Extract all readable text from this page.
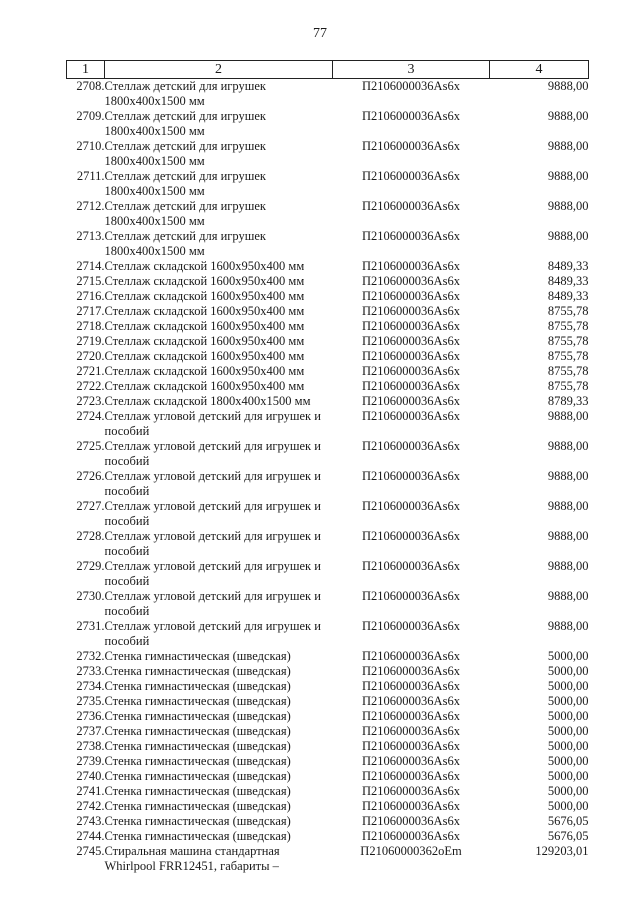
77
1	2	3	4
2708.	Стеллаж детский для игрушек 1800x400x1500 мм	П2106000036Аs6x	9888,00
2709.	Стеллаж детский для игрушек 1800x400x1500 мм	П2106000036Аs6x	9888,00
2710.	Стеллаж детский для игрушек 1800x400x1500 мм	П2106000036Аs6x	9888,00
2711.	Стеллаж детский для игрушек 1800x400x1500 мм	П2106000036Аs6x	9888,00
2712.	Стеллаж детский для игрушек 1800x400x1500 мм	П2106000036Аs6x	9888,00
2713.	Стеллаж детский для игрушек 1800x400x1500 мм	П2106000036Аs6x	9888,00
2714.	Стеллаж складской 1600x950x400 мм	П2106000036Аs6x	8489,33
2715.	Стеллаж складской 1600x950x400 мм	П2106000036Аs6x	8489,33
2716.	Стеллаж складской 1600x950x400 мм	П2106000036Аs6x	8489,33
2717.	Стеллаж складской 1600x950x400 мм	П2106000036Аs6x	8755,78
2718.	Стеллаж складской 1600x950x400 мм	П2106000036Аs6x	8755,78
2719.	Стеллаж складской 1600x950x400 мм	П2106000036Аs6x	8755,78
2720.	Стеллаж складской 1600x950x400 мм	П2106000036Аs6x	8755,78
2721.	Стеллаж складской 1600x950x400 мм	П2106000036Аs6x	8755,78
2722.	Стеллаж складской 1600x950x400 мм	П2106000036Аs6x	8755,78
2723.	Стеллаж складской 1800x400x1500 мм	П2106000036Аs6x	8789,33
2724.	Стеллаж угловой детский для игрушек и пособий	П2106000036Аs6x	9888,00
2725.	Стеллаж угловой детский для игрушек и пособий	П2106000036Аs6x	9888,00
2726.	Стеллаж угловой детский для игрушек и пособий	П2106000036Аs6x	9888,00
2727.	Стеллаж угловой детский для игрушек и пособий	П2106000036Аs6x	9888,00
2728.	Стеллаж угловой детский для игрушек и пособий	П2106000036Аs6x	9888,00
2729.	Стеллаж угловой детский для игрушек и пособий	П2106000036Аs6x	9888,00
2730.	Стеллаж угловой детский для игрушек и пособий	П2106000036Аs6x	9888,00
2731.	Стеллаж угловой детский для игрушек и пособий	П2106000036Аs6x	9888,00
2732.	Стенка гимнастическая (шведская)	П2106000036Аs6x	5000,00
2733.	Стенка гимнастическая (шведская)	П2106000036Аs6x	5000,00
2734.	Стенка гимнастическая (шведская)	П2106000036Аs6x	5000,00
2735.	Стенка гимнастическая (шведская)	П2106000036Аs6x	5000,00
2736.	Стенка гимнастическая (шведская)	П2106000036Аs6x	5000,00
2737.	Стенка гимнастическая (шведская)	П2106000036Аs6x	5000,00
2738.	Стенка гимнастическая (шведская)	П2106000036Аs6x	5000,00
2739.	Стенка гимнастическая (шведская)	П2106000036Аs6x	5000,00
2740.	Стенка гимнастическая (шведская)	П2106000036Аs6x	5000,00
2741.	Стенка гимнастическая (шведская)	П2106000036Аs6x	5000,00
2742.	Стенка гимнастическая (шведская)	П2106000036Аs6x	5000,00
2743.	Стенка гимнастическая (шведская)	П2106000036Аs6x	5676,05
2744.	Стенка гимнастическая (шведская)	П2106000036Аs6x	5676,05
2745.	Стиральная машина стандартная Whirlpool FRR12451, габариты –	П21060000362оЕm	129203,01
